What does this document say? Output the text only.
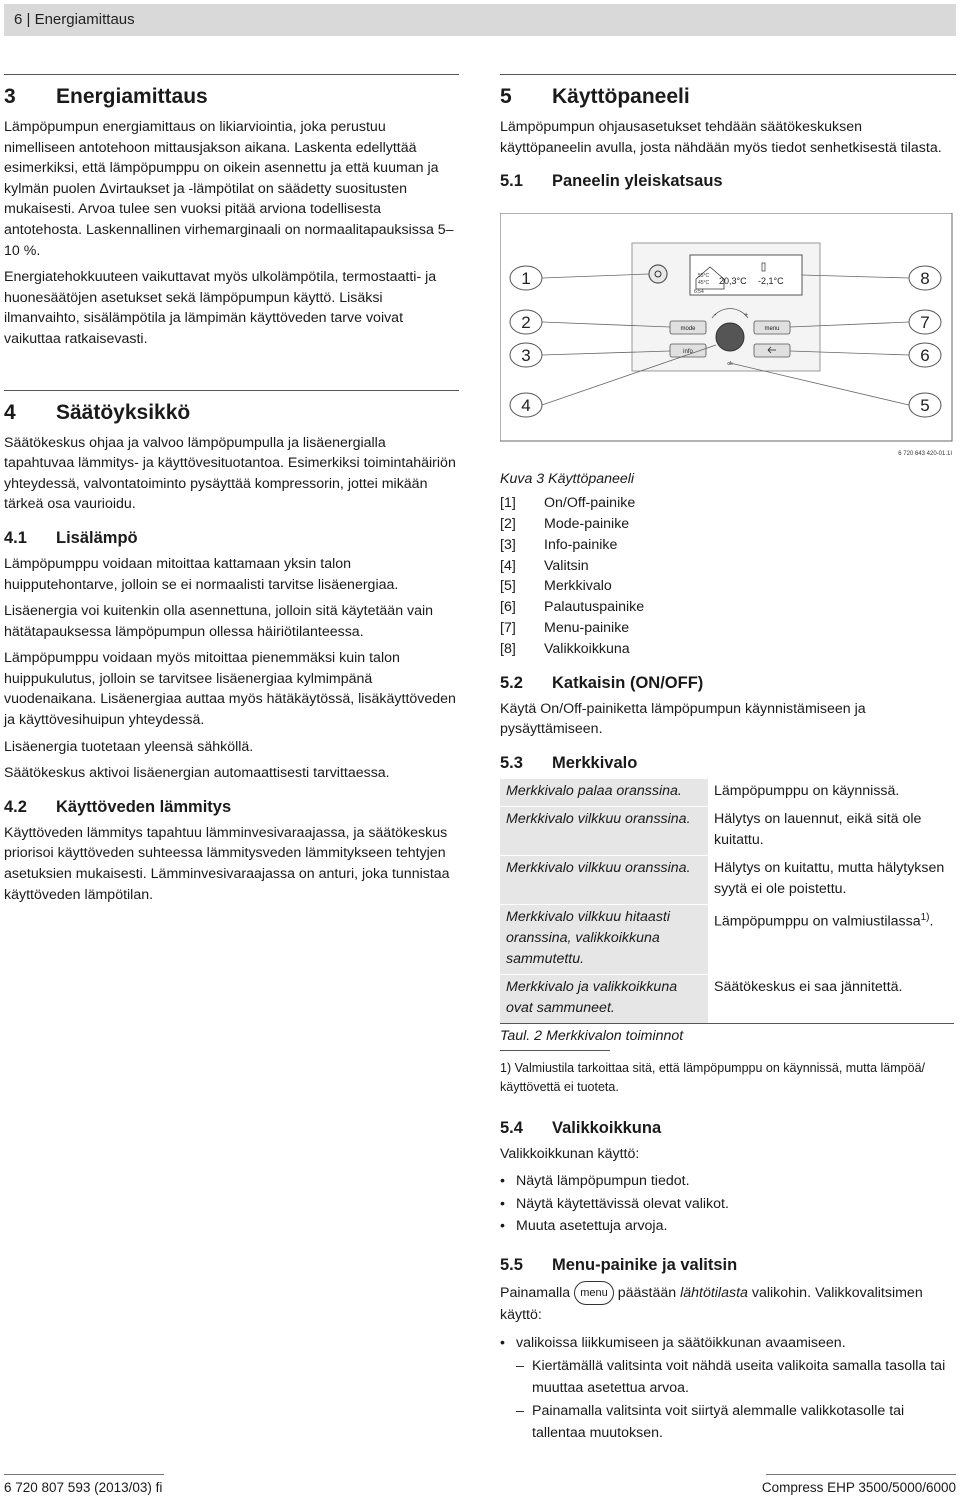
6 | Energiamittaus
3 Energiamittaus

Lämpöpumpun energiamittaus on likiarviointia, joka perustuu nimelliseen antotehoon mittausjakson aikana. Laskenta edellyttää esimerkiksi, että lämpöpumppu on oikein asennettu ja että kuuman ja kylmän puolen Δvirtaukset ja -lämpötilat on säädetty suositusten mukaisesti. Arvoa tulee sen vuoksi pitää arviona todellisesta antotehosta. Laskennallinen virhemarginaali on normaalitapauksissa 5–10 %.

Energiatehokkuuteen vaikuttavat myös ulkolämpötila, termostaatti- ja huonesäätöjen asetukset sekä lämpöpumpun käyttö. Lisäksi ilmanvaihto, sisälämpötila ja lämpimän käyttöveden tarve voivat vaikuttaa ratkaisevasti.

4 Säätöyksikkö

Säätökeskus ohjaa ja valvoo lämpöpumpulla ja lisäenergialla tapahtuvaa lämmitys- ja käyttövesituotantoa. Esimerkiksi toimintahäiriön yhteydessä, valvontatoiminto pysäyttää kompressorin, jottei mikään tärkeä osa vaurioidu.

4.1 Lisälämpö

Lämpöpumppu voidaan mitoittaa kattamaan yksin talon huipputehontarve, jolloin se ei normaalisti tarvitse lisäenergiaa.

Lisäenergia voi kuitenkin olla asennettuna, jolloin sitä käytetään vain hätätapauksessa lämpöpumpun ollessa häiriötilanteessa.

Lämpöpumppu voidaan myös mitoittaa pienemmäksi kuin talon huippukulutus, jolloin se tarvitsee lisäenergiaa kylmimpänä vuodenaikana. Lisäenergiaa auttaa myös hätäkäytössä, lisäkäyttöveden ja käyttövesihuipun yhteydessä.

Lisäenergia tuotetaan yleensä sähköllä.

Säätökeskus aktivoi lisäenergian automaattisesti tarvittaessa.

4.2 Käyttöveden lämmitys

Käyttöveden lämmitys tapahtuu lämminvesivaraajassa, ja säätökeskus priorisoi käyttöveden suhteessa lämmitysveden lämmitykseen tehtyjen asetuksien mukaisesti. Lämminvesivaraajassa on anturi, joka tunnistaa käyttöveden lämpötilan.

5 Käyttöpaneeli

Lämpöpumpun ohjausasetukset tehdään säätökeskuksen käyttöpaneelin avulla, josta nähdään myös tiedot senhetkisestä tilasta.

5.1 Paneelin yleiskatsaus
55°C
45°C 20,3°C -2,1°C
6:54
mode
info
menu
-	+
ok
1
2
3
4	5
6
7
8
6 720 643 420-01.1I
Kuva 3 Käyttöpaneeli
[1] On/Off-painike
[2] Mode-painike
[3] Info-painike
[4] Valitsin
[5] Merkkivalo
[6] Palautuspainike
[7] Menu-painike
[8] Valikkoikkuna
5.2 Katkaisin (ON/OFF)

Käytä On/Off-painiketta lämpöpumpun käynnistämiseen ja pysäyttämiseen.

5.3 Merkkivalo
Merkkivalo palaa oranssina.	Lämpöpumppu on käynnissä.
Merkkivalo vilkkuu oranssina.	Hälytys on lauennut, eikä sitä ole kuitattu.
Merkkivalo vilkkuu oranssina.	Hälytys on kuitattu, mutta hälytyksen syytä ei ole poistettu.
Merkkivalo vilkkuu hitaasti oranssina, valikkoikkuna sammutettu.	Lämpöpumppu on valmiustilassa$^{1)}$.
Merkkivalo ja valikkoikkuna ovat sammuneet.	Säätökeskus ei saa jännitettä.
Taul. 2 Merkkivalon toiminnot
1) Valmiustila tarkoittaa sitä, että lämpöpumppu on käynnissä, mutta lämpöä/ käyttövettä ei tuoteta.
5.4 Valikkoikkuna

Valikkoikkunan käyttö:

• Näytä lämpöpumpun tiedot.
• Näytä käytettävissä olevat valikot.
• Muuta asetettuja arvoja.
5.5 Menu-painike ja valitsin

Painamalla menu päästään lähtötilasta valikohin. Valikkovalitsimen käyttö:

• valikoissa liikkumiseen ja säätöikkunan avaamiseen.
– Kiertämällä valitsinta voit nähdä useita valikoita samalla tasolla tai muuttaa asetettua arvoa.
– Painamalla valitsinta voit siirtyä alemmalle valikkotasolle tai tallentaa muutoksen.
6 720 807 593 (2013/03) fi	Compress EHP 3500/5000/6000
